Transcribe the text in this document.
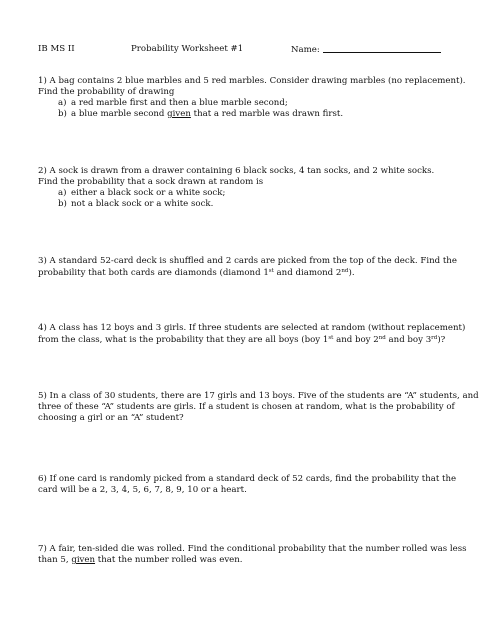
IB MS II	Probability Worksheet #1	Name:
1) A bag contains 2 blue marbles and 5 red marbles. Consider drawing marbles (no replacement).
Find the probability of drawing
a) a red marble first and then a blue marble second;
b) a blue marble second given that a red marble was drawn first.
2) A sock is drawn from a drawer containing 6 black socks, 4 tan socks, and 2 white socks.
Find the probability that a sock drawn at random is
a) either a black sock or a white sock;
b) not a black sock or a white sock.
3) A standard 52-card deck is shuffled and 2 cards are picked from the top of the deck. Find the
probability that both cards are diamonds (diamond 1st and diamond 2nd).
4) A class has 12 boys and 3 girls. If three students are selected at random (without replacement)
from the class, what is the probability that they are all boys (boy 1st and boy 2nd and boy 3rd)?
5) In a class of 30 students, there are 17 girls and 13 boys. Five of the students are “A” students, and
three of these “A” students are girls. If a student is chosen at random, what is the probability of
choosing a girl or an “A” student?
6) If one card is randomly picked from a standard deck of 52 cards, find the probability that the
card will be a 2, 3, 4, 5, 6, 7, 8, 9, 10 or a heart.
7) A fair, ten-sided die was rolled. Find the conditional probability that the number rolled was less
than 5, given that the number rolled was even.
